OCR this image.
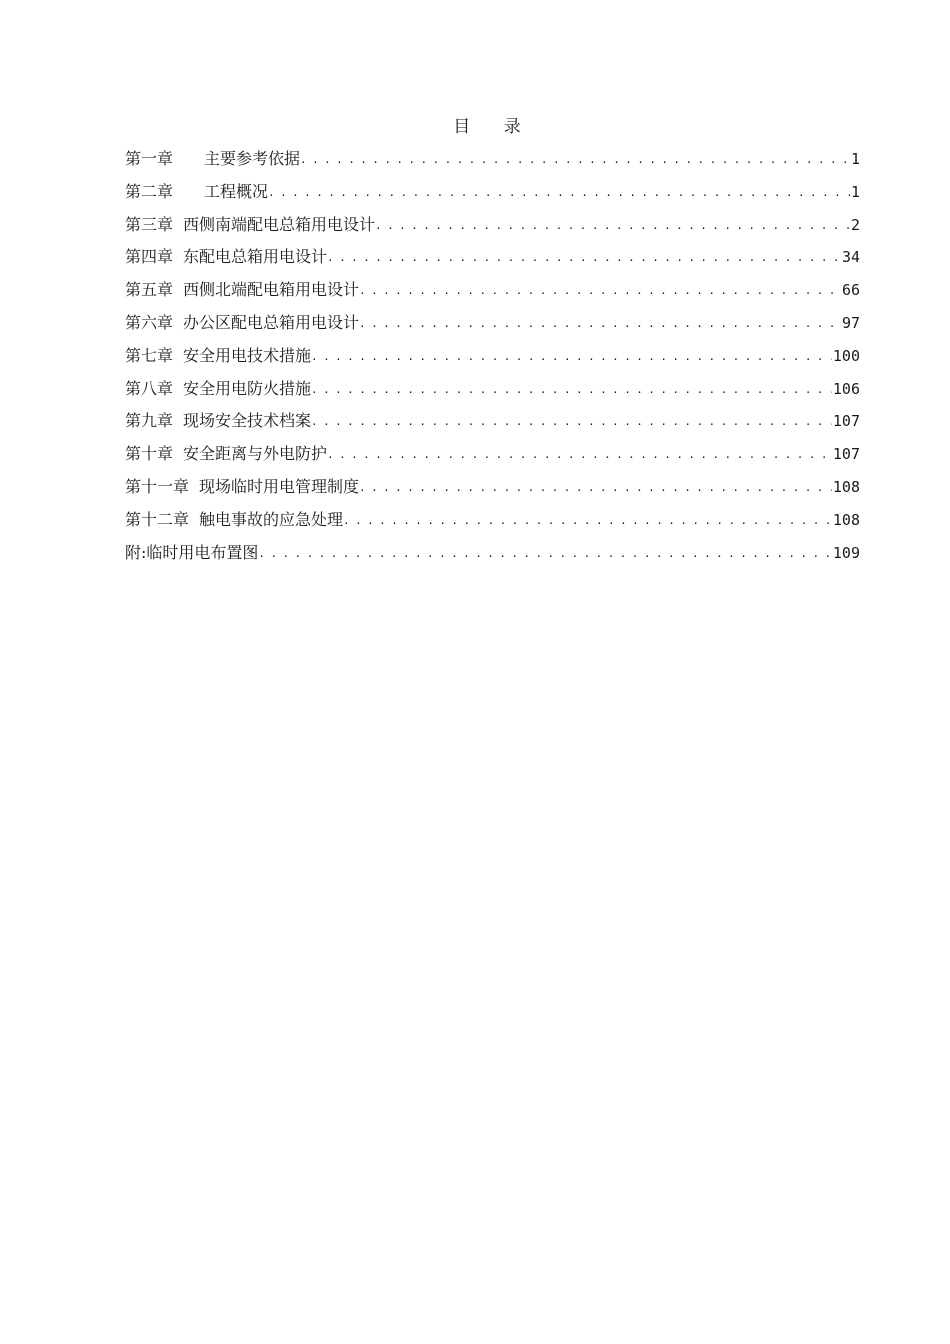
目 录
第一章 主要参考依据 . . .	1
第二章 工程概况 . . .	1
第三章 西侧南端配电总箱用电设计 . . .	2
第四章 东配电总箱用电设计 . . .	34
第五章 西侧北端配电箱用电设计 . . .	66
第六章 办公区配电总箱用电设计 . . .	97
第七章 安全用电技术措施 . . .	100
第八章 安全用电防火措施 . . .	106
第九章 现场安全技术档案 . . .	107
第十章 安全距离与外电防护 . . .	107
第十一章 现场临时用电管理制度 . . .	108
第十二章 触电事故的应急处理 . . .	108
附:临时用电布置图 . . .	109
